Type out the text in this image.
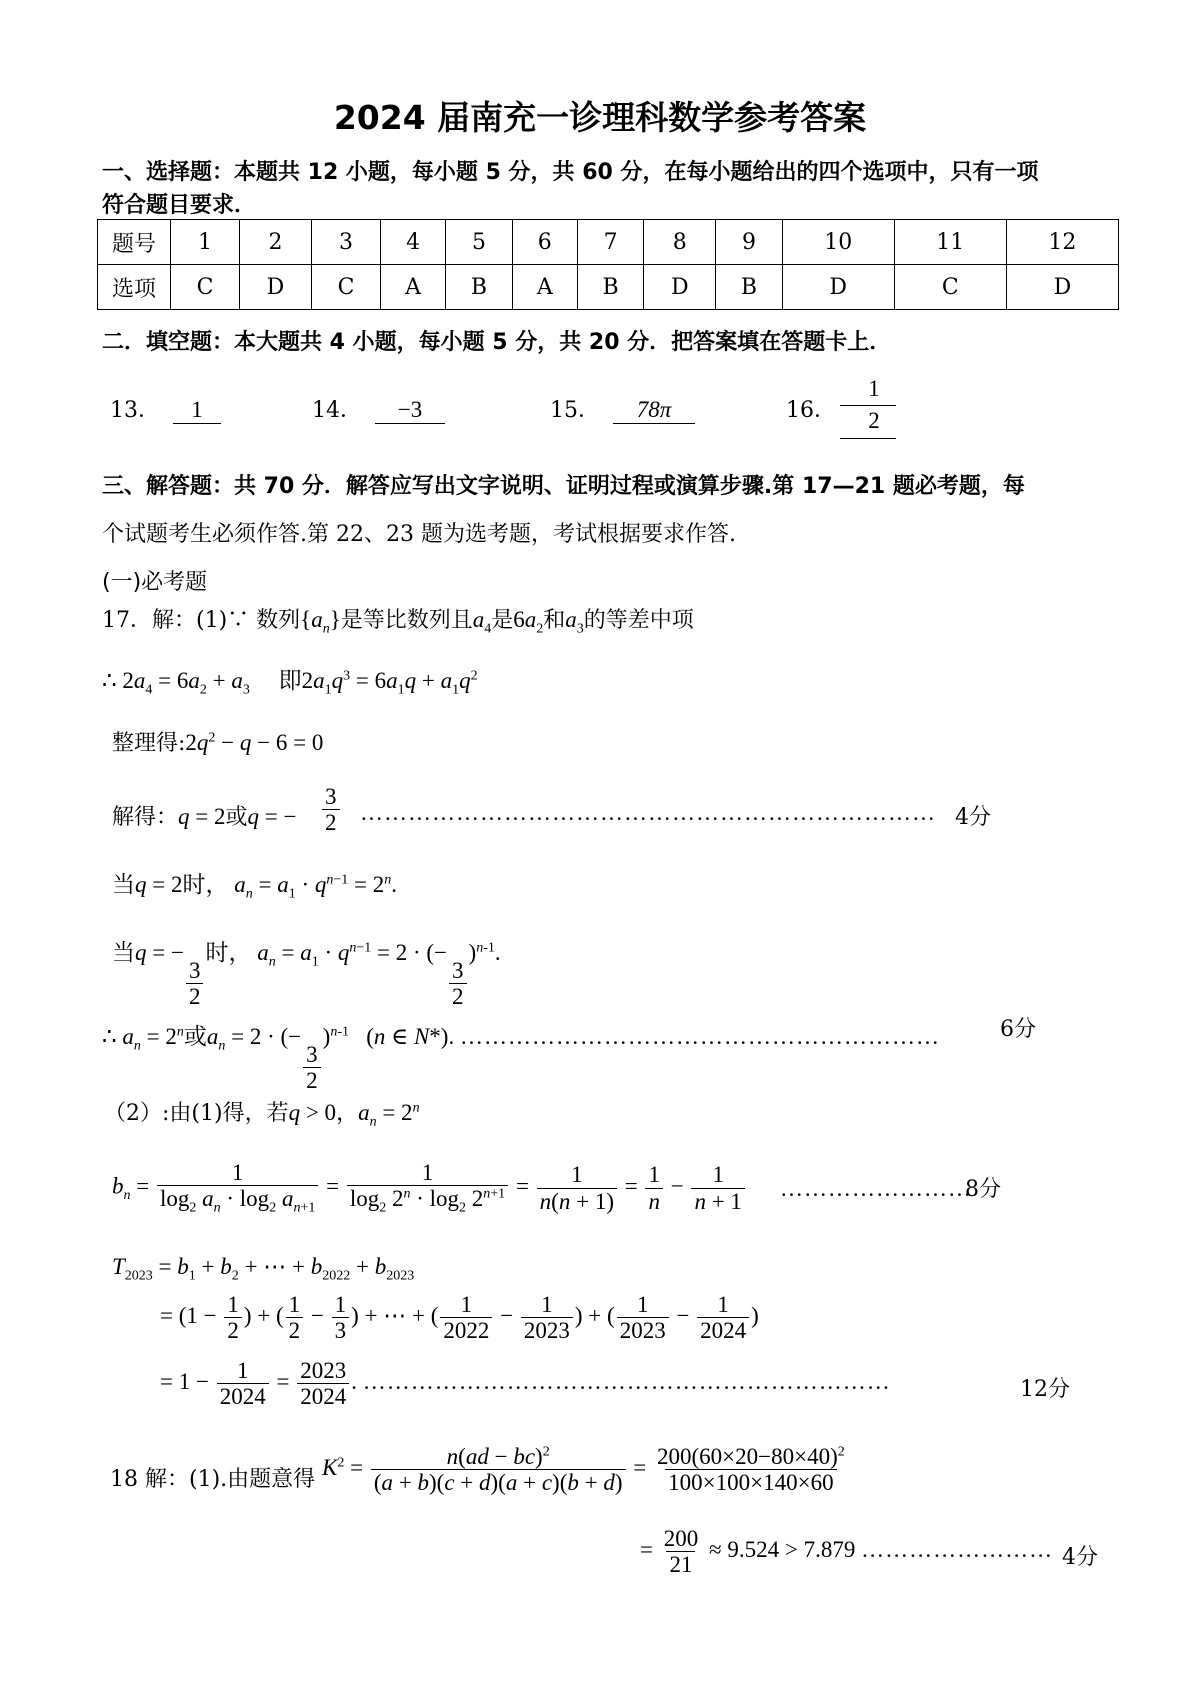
2024 届南充一诊理科数学参考答案
一、选择题：本题共 12 小题，每小题 5 分，共 60 分，在每小题给出的四个选项中，只有一项
符合题目要求．
题号	1	2	3	4	5	6	7	8	9	10	11	12
选项	C	D	C	A	B	A	B	D	B	D	C	D
二．填空题：本大题共 4 小题，每小题 5 分，共 20 分．把答案填在答题卡上．
13． 1	14． −3	15． 78π	16．
1
2
三、解答题：共 70 分．解答应写出文字说明、证明过程或演算步骤.第 17—21 题必考题，每
个试题考生必须作答.第 22、23 题为选考题，考试根据要求作答.
(一)必考题
17．解：(1)∵ 数列$\{a_n\}$是等比数列且$a_4$是$6a_2$和$a_3$的等差中项
∴ $2a_4 = 6a_2 + a_3$     即$2a_1q^3 = 6a_1q + a_1q^2$
整理得$:2q^2 - q - 6 = 0$
解得：q = 2或q = − $\frac{3}{2}$ ……………………………………………………………… 4分
当q = 2时， $a_n = a_1 \cdot q^{n-1} = 2^n$.
当q = −
$\frac{3}{2}$
时， $a_n = a_1 \cdot q^{n-1} = 2$ · (−
$\frac{3}{2}$
)$^{n-1}$.
∴ $a_n = 2^n$或$a_n = 2$ · (−
$\frac{3}{2}$
)$^{n-1}$   (n ∈ N*). ……………………………………………………	6分
（2）:由(1)得，若q > 0，$a_n = 2^n$
$b_n = \frac{1}{\log_2 a_n \cdot \log_2 a_{n+1}} = \frac{1}{\log_2 2^n \cdot \log_2 2^{n+1}} = \frac{1}{n(n + 1)} = \frac{1}{n} - \frac{1}{n + 1}$ ……………………
8分
$T_{2023} = b_1 + b_2$ + ⋯ + $b_{2022} + b_{2023}$
= ($1 - \frac{1}{2}$ ) + ( $\frac{1}{2} - \frac{1}{3}$ ) + ⋯ + ( $\frac{1}{2022} - \frac{1}{2023}$ ) + ( $\frac{1}{2023} - \frac{1}{2024}$ )
= $1 - \frac{1}{2024} = \frac{2023}{2024}$ . …………………………………………………………	12分
18 解：(1).由题意得 $K^2 = \frac{n(ad - bc)^2}{(a + b)(c + d)(a + c)(b + d)} = \frac{200(60\times 20-80\times 40)^2}{100\times 100\times 140\times 60}$
= $\frac{200}{21} \approx 9.524 > 7.879$ …………………… 4分
